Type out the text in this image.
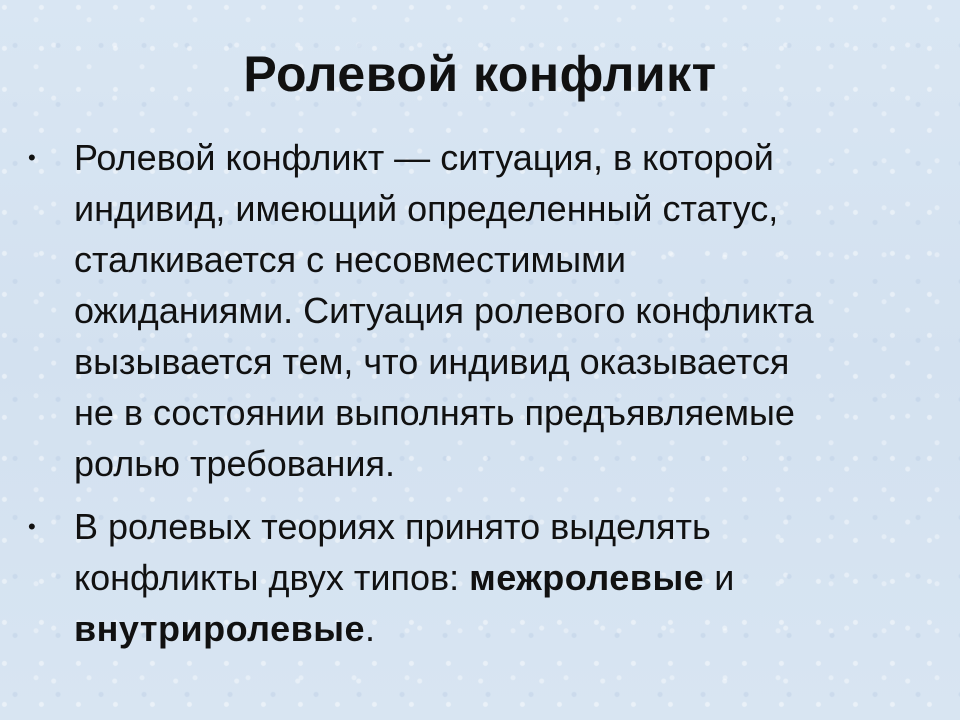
Ролевой конфликт
• Ролевой конфликт — ситуация, в которой
индивид, имеющий определенный статус,
сталкивается с несовместимыми
ожиданиями. Ситуация ролевого конфликта
вызывается тем, что индивид оказывается
не в состоянии выполнять предъявляемые
ролью требования.
• В ролевых теориях принято выделять
конфликты двух типов: межролевые и
внутриролевые.
